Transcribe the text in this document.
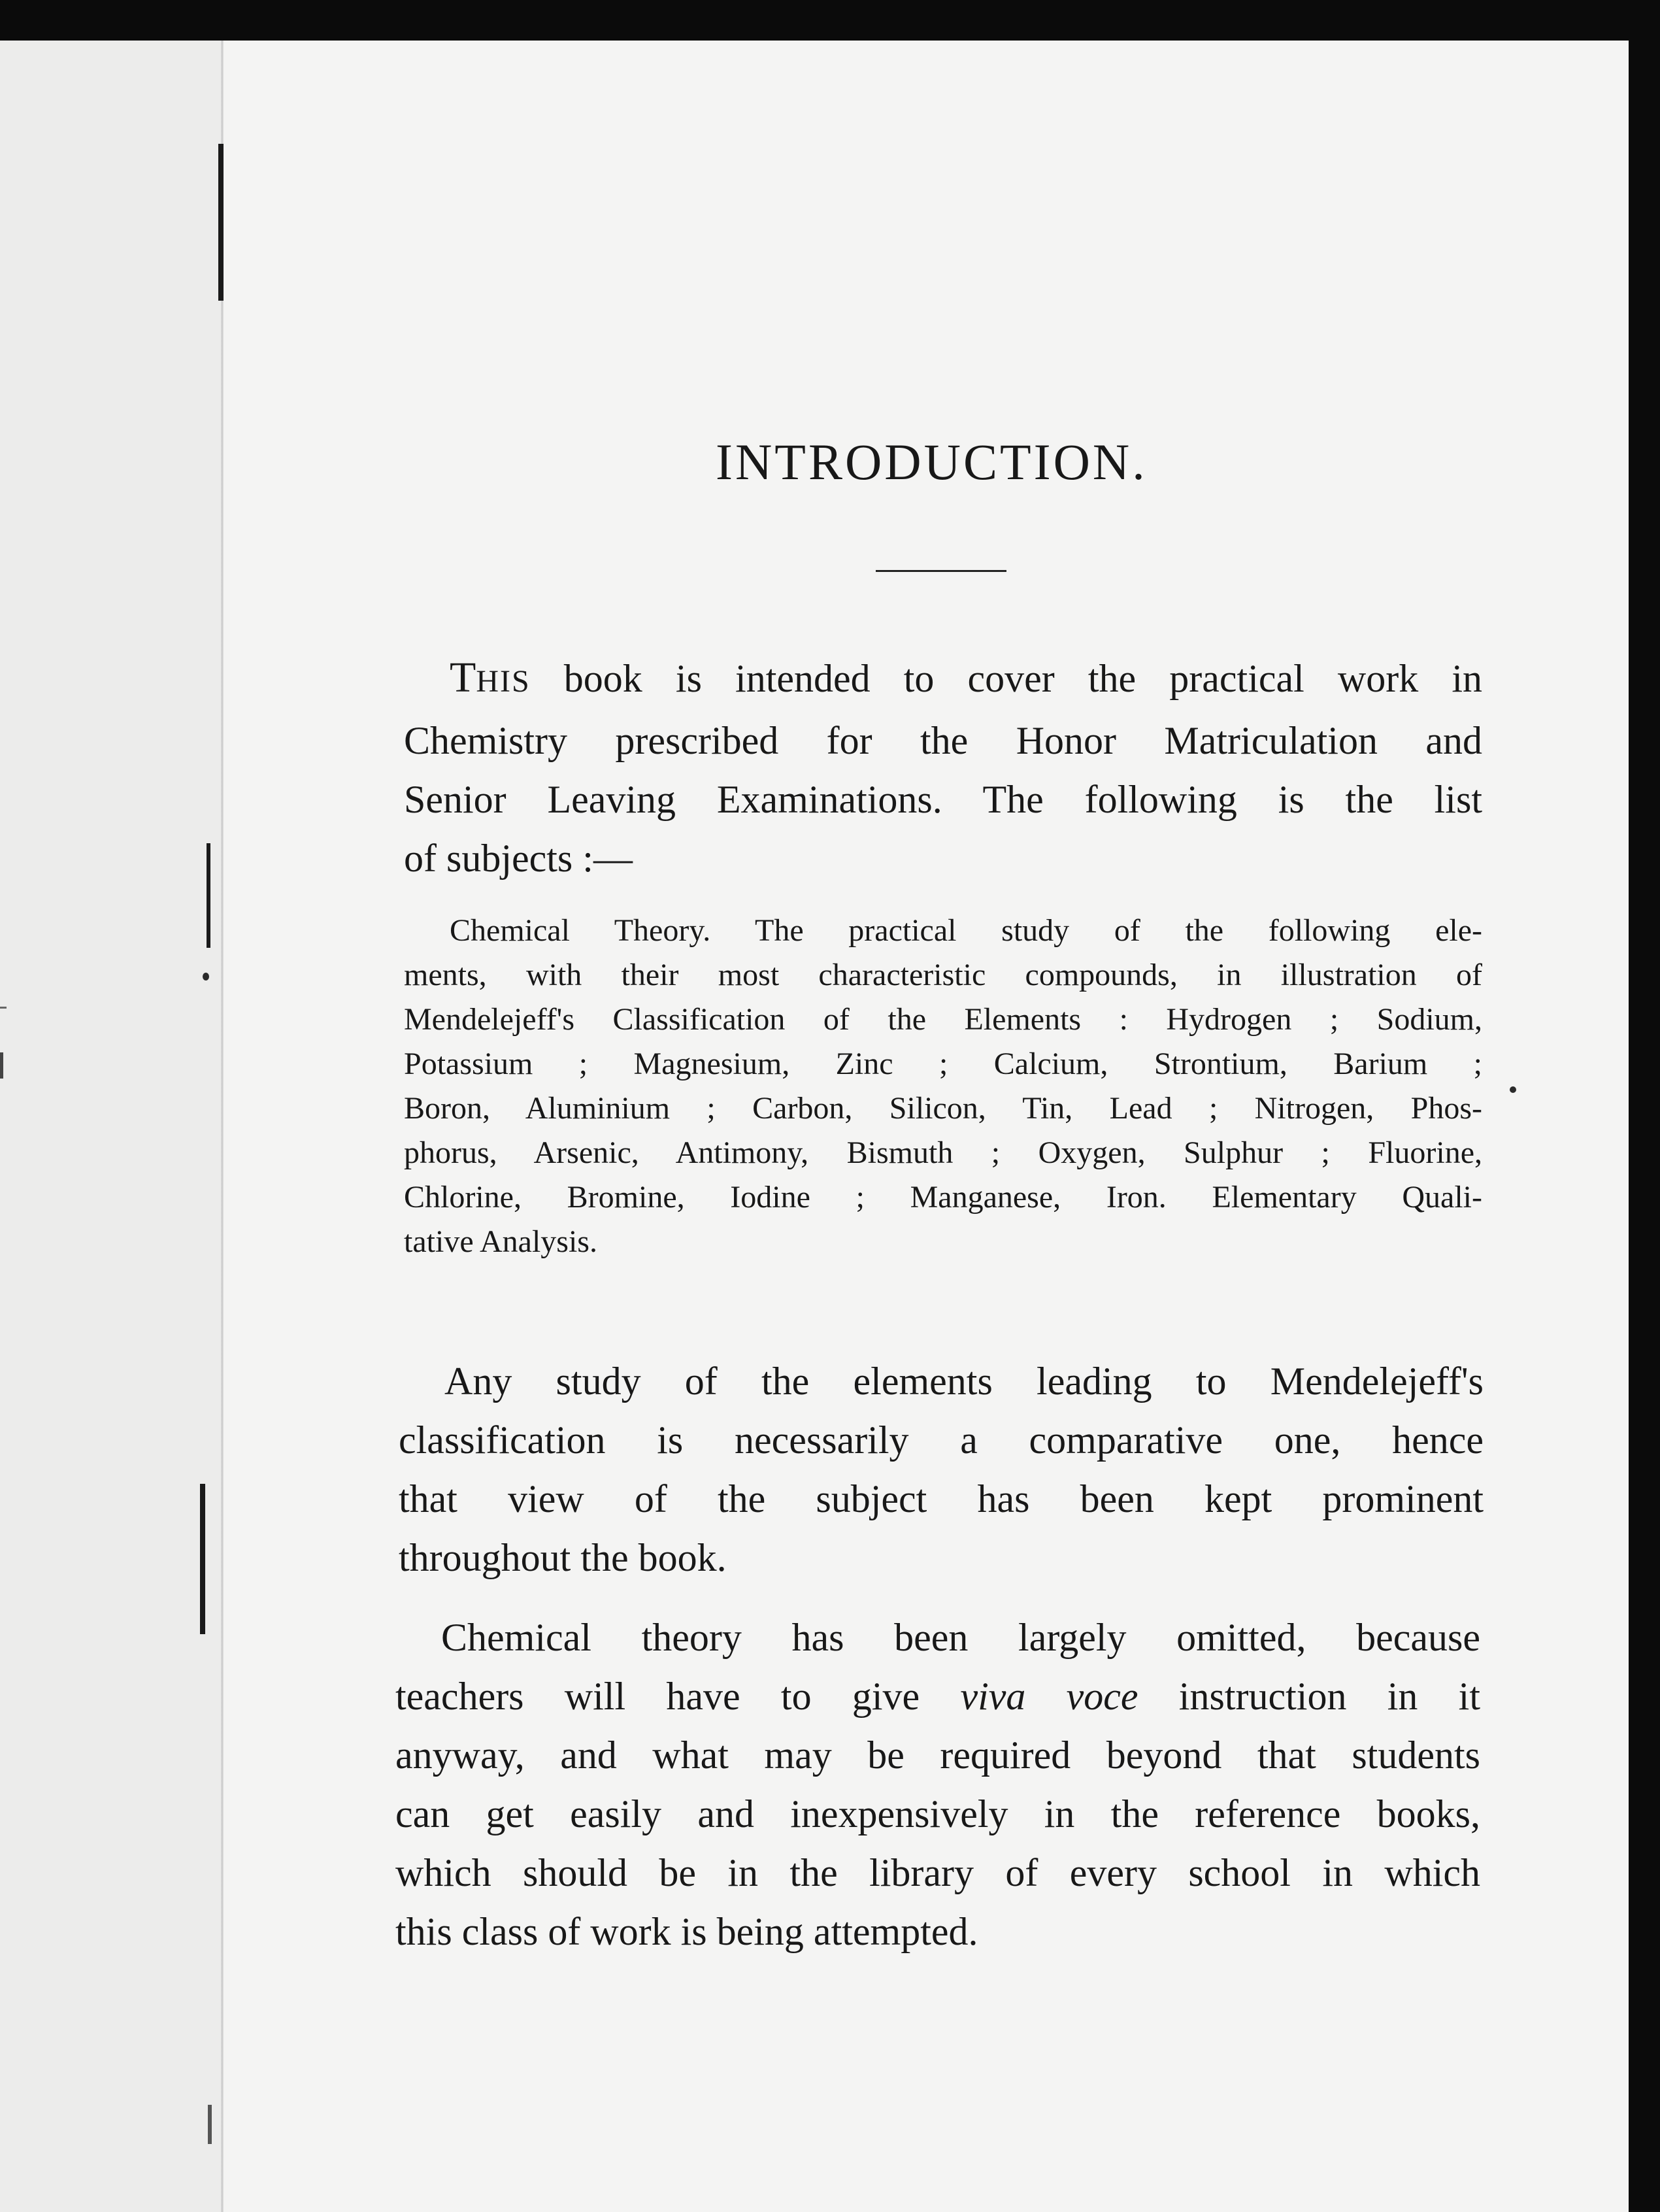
INTRODUCTION.

THIS book is intended to cover the practical work in
Chemistry prescribed for the Honor Matriculation and
Senior Leaving Examinations. The following is the list
of subjects :—

Chemical Theory. The practical study of the following ele-
ments, with their most characteristic compounds, in illustration of
Mendelejeff's Classification of the Elements : Hydrogen ; Sodium,
Potassium ; Magnesium, Zinc ; Calcium, Strontium, Barium ;
Boron, Aluminium ; Carbon, Silicon, Tin, Lead ; Nitrogen, Phos-
phorus, Arsenic, Antimony, Bismuth ; Oxygen, Sulphur ; Fluorine,
Chlorine, Bromine, Iodine ; Manganese, Iron. Elementary Quali-
tative Analysis.

Any study of the elements leading to Mendelejeff's
classification is necessarily a comparative one, hence
that view of the subject has been kept prominent
throughout the book.

Chemical theory has been largely omitted, because
teachers will have to give viva voce instruction in it
anyway, and what may be required beyond that students
can get easily and inexpensively in the reference books,
which should be in the library of every school in which
this class of work is being attempted.
